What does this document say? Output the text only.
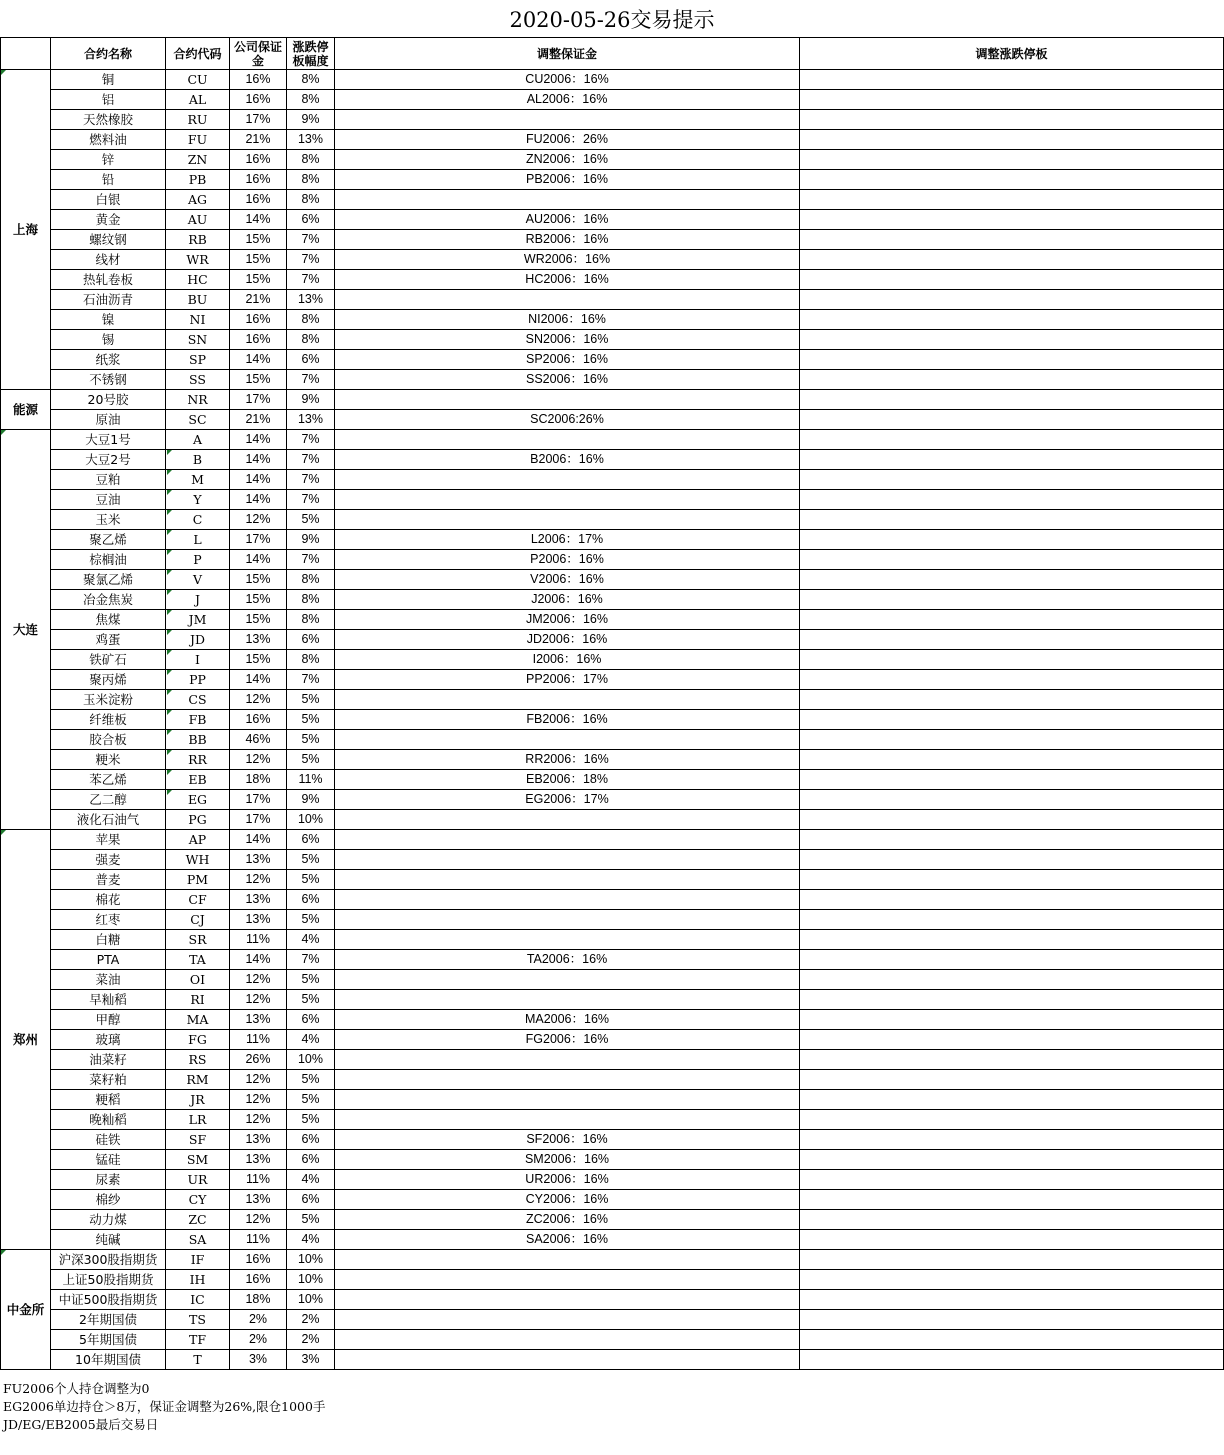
2020-05-26交易提示
	合约名称	合约代码	公司保证金	涨跌停板幅度	调整保证金	调整涨跌停板

上海	铜	CU	16%	8%	CU2006：16%	
	铝	AL	16%	8%	AL2006：16%	
	天然橡胶	RU	17%	9%		
	燃料油	FU	21%	13%	FU2006：26%	
	锌	ZN	16%	8%	ZN2006：16%	
	铅	PB	16%	8%	PB2006：16%	
	白银	AG	16%	8%		
	黄金	AU	14%	6%	AU2006：16%	
	螺纹钢	RB	15%	7%	RB2006：16%	
	线材	WR	15%	7%	WR2006：16%	
	热轧卷板	HC	15%	7%	HC2006：16%	
	石油沥青	BU	21%	13%		
	镍	NI	16%	8%	NI2006：16%	
	锡	SN	16%	8%	SN2006：16%	
	纸浆	SP	14%	6%	SP2006：16%	
	不锈钢	SS	15%	7%	SS2006：16%	
能源	20号胶	NR	17%	9%		
	原油	SC	21%	13%	SC2006:26%	

大连	大豆1号	A	14%	7%		
	大豆2号	B	14%	7%	B2006：16%	
	豆粕	M	14%	7%		
	豆油	Y	14%	7%		
	玉米	C	12%	5%		
	聚乙烯	L	17%	9%	L2006：17%	
	棕榈油	P	14%	7%	P2006：16%	
	聚氯乙烯	V	15%	8%	V2006：16%	
	冶金焦炭	J	15%	8%	J2006：16%	
	焦煤	JM	15%	8%	JM2006：16%	
	鸡蛋	JD	13%	6%	JD2006：16%	
	铁矿石	I	15%	8%	I2006：16%	
	聚丙烯	PP	14%	7%	PP2006：17%	
	玉米淀粉	CS	12%	5%		
	纤维板	FB	16%	5%	FB2006：16%	
	胶合板	BB	46%	5%		
	粳米	RR	12%	5%	RR2006：16%	
	苯乙烯	EB	18%	11%	EB2006：18%	
	乙二醇	EG	17%	9%	EG2006：17%	
	液化石油气	PG	17%	10%		

郑州	苹果	AP	14%	6%		
	强麦	WH	13%	5%		
	普麦	PM	12%	5%		
	棉花	CF	13%	6%		
	红枣	CJ	13%	5%		
	白糖	SR	11%	4%		
	PTA	TA	14%	7%	TA2006：16%	
	菜油	OI	12%	5%		
	早籼稻	RI	12%	5%		
	甲醇	MA	13%	6%	MA2006：16%	
	玻璃	FG	11%	4%	FG2006：16%	
	油菜籽	RS	26%	10%		
	菜籽粕	RM	12%	5%		
	粳稻	JR	12%	5%		
	晚籼稻	LR	12%	5%		
	硅铁	SF	13%	6%	SF2006：16%	
	锰硅	SM	13%	6%	SM2006：16%	
	尿素	UR	11%	4%	UR2006：16%	
	棉纱	CY	13%	6%	CY2006：16%	
	动力煤	ZC	12%	5%	ZC2006：16%	
	纯碱	SA	11%	4%	SA2006：16%	

中金所	沪深300股指期货	IF	16%	10%		
	上证50股指期货	IH	16%	10%		
	中证500股指期货	IC	18%	10%		
	2年期国债	TS	2%	2%		
	5年期国债	TF	2%	2%		
	10年期国债	T	3%	3%		
FU2006个人持仓调整为0
EG2006单边持仓＞8万，保证金调整为26%,限仓1000手
JD/EG/EB2005最后交易日
